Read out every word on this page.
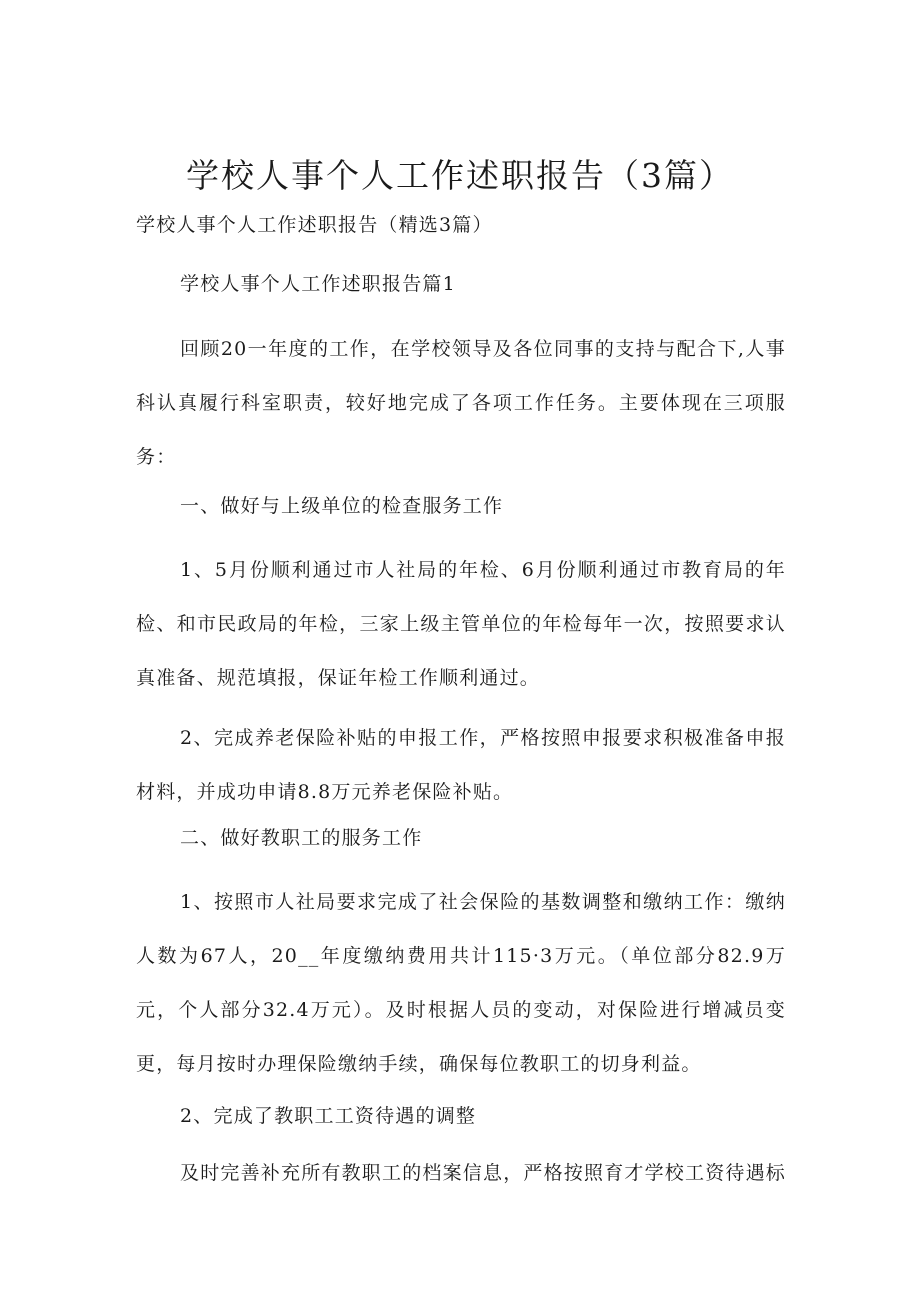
学校人事个人工作述职报告（3篇）
学校人事个人工作述职报告（精选3篇）
学校人事个人工作述职报告篇1
回顾20一年度的工作，在学校领导及各位同事的支持与配合下,人事科认真履行科室职责，较好地完成了各项工作任务。主要体现在三项服务：
一、做好与上级单位的检查服务工作
1、5月份顺利通过市人社局的年检、6月份顺利通过市教育局的年检、和市民政局的年检，三家上级主管单位的年检每年一次，按照要求认真准备、规范填报，保证年检工作顺利通过。
2、完成养老保险补贴的申报工作，严格按照申报要求积极准备申报材料，并成功申请8.8万元养老保险补贴。
二、做好教职工的服务工作
1、按照市人社局要求完成了社会保险的基数调整和缴纳工作：缴纳人数为67人，20__年度缴纳费用共计115·3万元。（单位部分82.9万元，个人部分32.4万元）。及时根据人员的变动，对保险进行增减员变更，每月按时办理保险缴纳手续，确保每位教职工的切身利益。
2、完成了教职工工资待遇的调整
及时完善补充所有教职工的档案信息，严格按照育才学校工资待遇标
